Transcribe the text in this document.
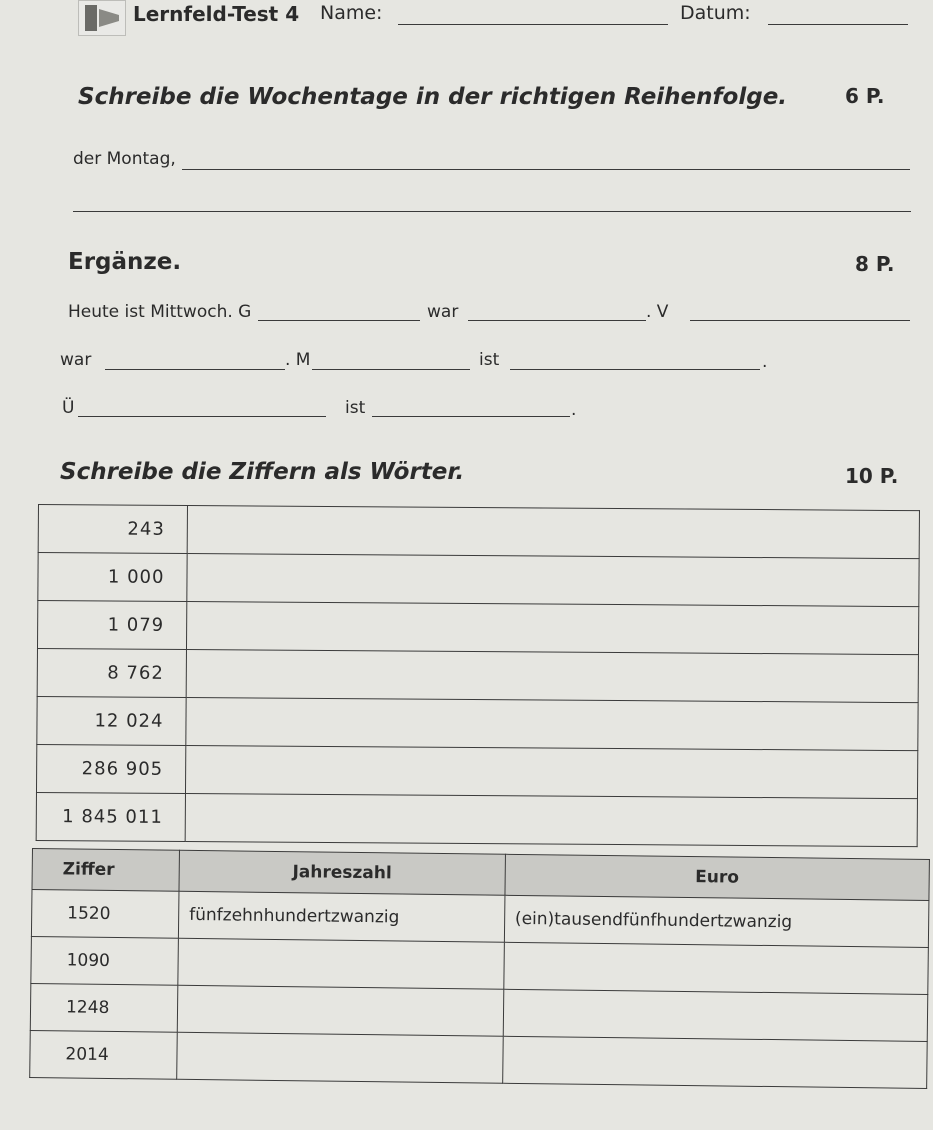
Lernfeld-Test 4 Name:	Datum:
Schreibe die Wochentage in der richtigen Reihenfolge.	6 P.
der Montag,
Ergänze.	8 P.
Heute ist Mittwoch. G	war	. V
war	. M	ist	.
Ü	ist	.
Schreibe die Ziffern als Wörter.	10 P.
243	
1 000	
1 079	
8 762	
12 024	
286 905	
1 845 011	
Ziffer	Jahreszahl	Euro
1520	fünfzehnhundertzwanzig	(ein)tausendfünfhundertzwanzig
1090		
1248		
2014		
